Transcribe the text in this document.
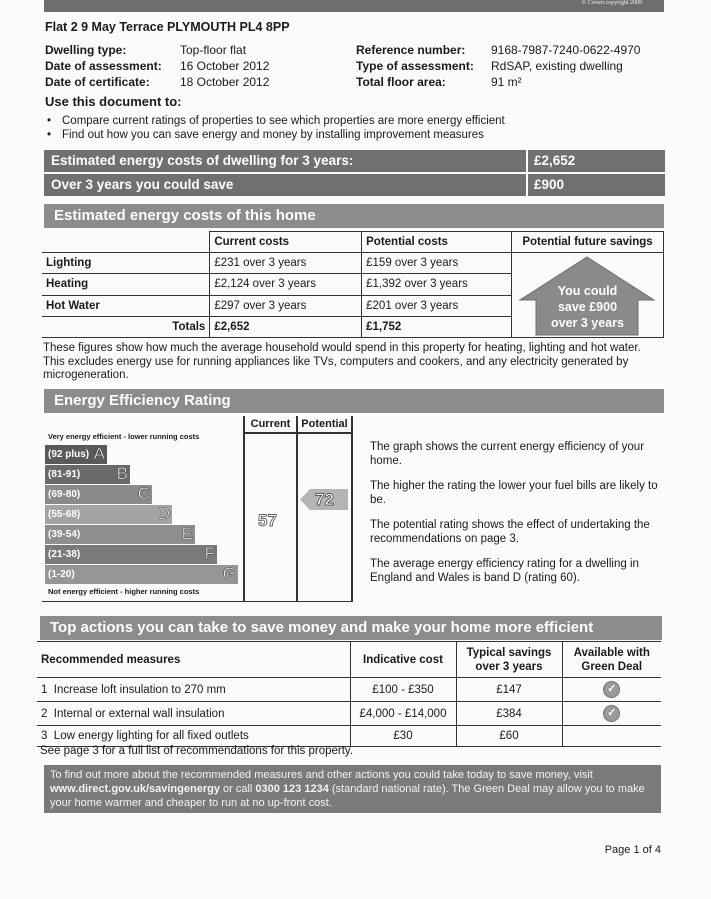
© Crown copyright 2009
Flat 2 9 May Terrace PLYMOUTH PL4 8PP
Dwelling type:	Top-floor flat
Date of assessment: 16 October 2012
Date of certificate:	18 October 2012
Reference number: 9168-7987-7240-0622-4970
Type of assessment: RdSAP, existing dwelling
Total floor area:	91 m²
Use this document to:
• Compare current ratings of properties to see which properties are more energy efficient
• Find out how you can save energy and money by installing improvement measures
Estimated energy costs of dwelling for 3 years:	£2,652
Over 3 years you could save	£900
Estimated energy costs of this home
	Current costs	Potential costs	Potential future savings
Lighting	£231 over 3 years	£159 over 3 years	You could
save £900
over 3 years

Heating	£2,124 over 3 years	£1,392 over 3 years	
Hot Water	£297 over 3 years	£201 over 3 years	
Totals	£2,652	£1,752	
These figures show how much the average household would spend in this property for heating, lighting and hot water. This excludes energy use for running appliances like TVs, computers and cookers, and any electricity generated by microgeneration.
Energy Efficiency Rating
Current Potential
Very energy efficient - lower running costs
Not energy efficient - higher running costs
(92 plus) A
(81-91) B
(69-80)	C
(55-68)	D
(39-54)	E
(21-38)	F
(1-20)	G
57
72
The graph shows the current energy efficiency of your home.
The higher the rating the lower your fuel bills are likely to be.
The potential rating shows the effect of undertaking the recommendations on page 3.
The average energy efficiency rating for a dwelling in England and Wales is band D (rating 60).
Top actions you can take to save money and make your home more efficient
Recommended measures	Indicative cost	Typical savings over 3 years	Available with Green Deal
1 Increase loft insulation to 270 mm	£100 - £350	£147	✓
2 Internal or external wall insulation	£4,000 - £14,000	£384	✓
3 Low energy lighting for all fixed outlets	£30	£60	
See page 3 for a full list of recommendations for this property.
To find out more about the recommended measures and other actions you could take today to save money, visit www.direct.gov.uk/savingenergy or call 0300 123 1234 (standard national rate). The Green Deal may allow you to make your home warmer and cheaper to run at no up-front cost.
Page 1 of 4
